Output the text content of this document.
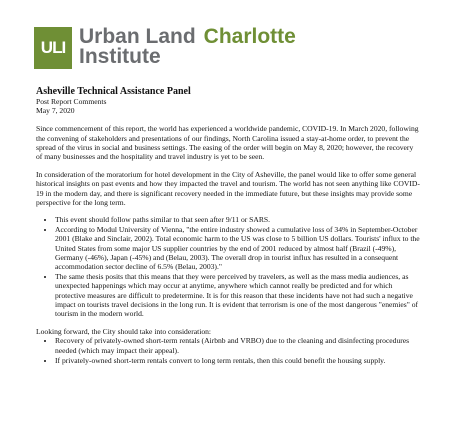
ULI Urban Land Charlotte
Institute

Asheville Technical Assistance Panel

Post Report Comments

May 7, 2020

Since commencement of this report, the world has experienced a worldwide pandemic, COVID-19. In March 2020, following the convening of stakeholders and presentations of our findings, North Carolina issued a stay-at-home order, to prevent the spread of the virus in social and business settings. The easing of the order will begin on May 8, 2020; however, the recovery of many businesses and the hospitality and travel industry is yet to be seen.

In consideration of the moratorium for hotel development in the City of Asheville, the panel would like to offer some general historical insights on past events and how they impacted the travel and tourism. The world has not seen anything like COVID-19 in the modern day, and there is significant recovery needed in the immediate future, but these insights may provide some perspective for the long term.

• This event should follow paths similar to that seen after 9/11 or SARS.
• According to Modul University of Vienna, "the entire industry showed a cumulative loss of 34% in September-October 2001 (Blake and Sinclair, 2002). Total economic harm to the US was close to 5 billion US dollars. Tourists' influx to the United States from some major US supplier countries by the end of 2001 reduced by almost half (Brazil (-49%), Germany (-46%), Japan (-45%) and (Belau, 2003). The overall drop in tourist influx has resulted in a consequent accommodation sector decline of 6.5% (Belau, 2003)."
• The same thesis posits that this means that they were perceived by travelers, as well as the mass media audiences, as unexpected happenings which may occur at anytime, anywhere which cannot really be predicted and for which protective measures are difficult to predetermine. It is for this reason that these incidents have not had such a negative impact on tourists travel decisions in the long run. It is evident that terrorism is one of the most dangerous "enemies" of tourism in the modern world.

Looking forward, the City should take into consideration:

• Recovery of privately-owned short-term rentals (Airbnb and VRBO) due to the cleaning and disinfecting procedures needed (which may impact their appeal).
• If privately-owned short-term rentals convert to long term rentals, then this could benefit the housing supply.
